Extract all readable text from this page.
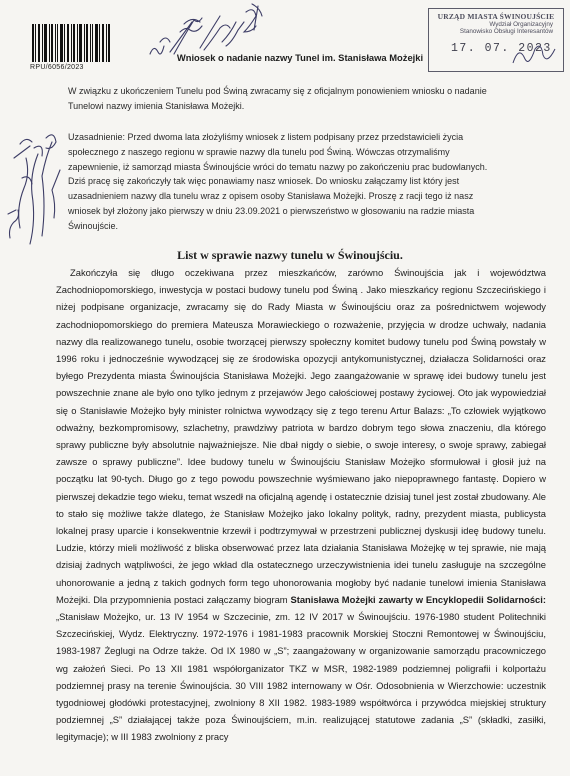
RPU/6056/2023
URZĄD MIASTA ŚWINOUJŚCIE
Wydział Organizacyjny
Stanowisko Obsługi Interesantów
17. 07. 2023
Wniosek o nadanie nazwy Tunel im. Stanisława Możejki
W związku z ukończeniem Tunelu pod Świną zwracamy się z oficjalnym ponowieniem wniosku o nadanie Tunelowi nazwy imienia Stanisława Możejki.
Uzasadnienie: Przed dwoma lata złożyliśmy wniosek z listem podpisany przez przedstawicieli życia społecznego z naszego regionu w sprawie nazwy dla tunelu pod Świną. Wówczas otrzymaliśmy zapewnienie, iż samorząd miasta Świnoujście wróci do tematu nazwy po zakończeniu prac budowlanych. Dziś pracę się zakończyły tak więc ponawiamy nasz wniosek. Do wniosku załączamy list który jest uzasadnieniem nazwy dla tunelu wraz z opisem osoby Stanisława Możejki. Proszę z racji tego iż nasz wniosek był złożony jako pierwszy w dniu 23.09.2021 o pierwszeństwo w głosowaniu na radzie miasta Świnoujście.
List w sprawie nazwy tunelu w Świnoujściu.

Zakończyła się długo oczekiwana przez mieszkańców, zarówno Świnoujścia jak i województwa Zachodniopomorskiego, inwestycja w postaci budowy tunelu pod Świną . Jako mieszkańcy regionu Szczecińskiego i niżej podpisane organizacje, zwracamy się do Rady Miasta w Świnoujściu oraz za pośrednictwem wojewody zachodniopomorskiego do premiera Mateusza Morawieckiego o rozważenie, przyjęcia w drodze uchwały, nadania nazwy dla realizowanego tunelu, osobie tworzącej pierwszy społeczny komitet budowy tunelu pod Świną powstały w 1996 roku i jednocześnie wywodzącej się ze środowiska opozycji antykomunistycznej, działacza Solidarności oraz byłego Prezydenta miasta Świnoujścia Stanisława Możejki. Jego zaangażowanie w sprawę idei budowy tunelu jest powszechnie znane ale było ono tylko jednym z przejawów Jego całościowej postawy życiowej. Oto jak wypowiedział się o Stanisławie Możejko były minister rolnictwa wywodzący się z tego terenu Artur Balazs: „To człowiek wyjątkowo odważny, bezkompromisowy, szlachetny, prawdziwy patriota w bardzo dobrym tego słowa znaczeniu, dla którego sprawy publiczne były absolutnie najważniejsze. Nie dbał nigdy o siebie, o swoje interesy, o swoje sprawy, zabiegał zawsze o sprawy publiczne”. Idee budowy tunelu w Świnoujściu Stanisław Możejko sformułował i głosił już na początku lat 90-tych. Długo go z tego powodu powszechnie wyśmiewano jako niepoprawnego fantastę. Dopiero w pierwszej dekadzie tego wieku, temat wszedł na oficjalną agendę i ostatecznie dzisiaj tunel jest został zbudowany. Ale to stało się możliwe także dlatego, że Stanisław Możejko jako lokalny polityk, radny, prezydent miasta, publicysta lokalnej prasy uparcie i konsekwentnie krzewił i podtrzymywał w przestrzeni publicznej dyskusji ideę budowy tunelu. Ludzie, którzy mieli możliwość z bliska obserwować przez lata działania Stanisława Możejkę w tej sprawie, nie mają dzisiaj żadnych wątpliwości, że jego wkład dla ostatecznego urzeczywistnienia idei tunelu zasługuje na szczególne uhonorowanie a jedną z takich godnych form tego uhonorowania mogłoby być nadanie tunelowi imienia Stanisława Możejki. Dla przypomnienia postaci załączamy biogram Stanisława Możejki zawarty w Encyklopedii Solidarności: „Stanisław Możejko, ur. 13 IV 1954 w Szczecinie, zm. 12 IV 2017 w Świnoujściu. 1976-1980 student Politechniki Szczecińskiej, Wydz. Elektryczny. 1972-1976 i 1981-1983 pracownik Morskiej Stoczni Remontowej w Świnoujściu, 1983-1987 Żeglugi na Odrze także. Od IX 1980 w „S”; zaangażowany w organizowanie samorządu pracowniczego wg założeń Sieci. Po 13 XII 1981 współorganizator TKZ w MSR, 1982-1989 podziemnej poligrafii i kolportażu podziemnej prasy na terenie Świnoujścia. 30 VIII 1982 internowany w Ośr. Odosobnienia w Wierzchowie: uczestnik tygodniowej głodówki protestacyjnej, zwolniony 8 XII 1982. 1983-1989 współtwórca i przywódca miejskiej struktury podziemnej „S” działającej także poza Świnoujściem, m.in. realizującej statutowe zadania „S” (składki, zasiłki, legitymacje); w III 1983 zwolniony z pracy
